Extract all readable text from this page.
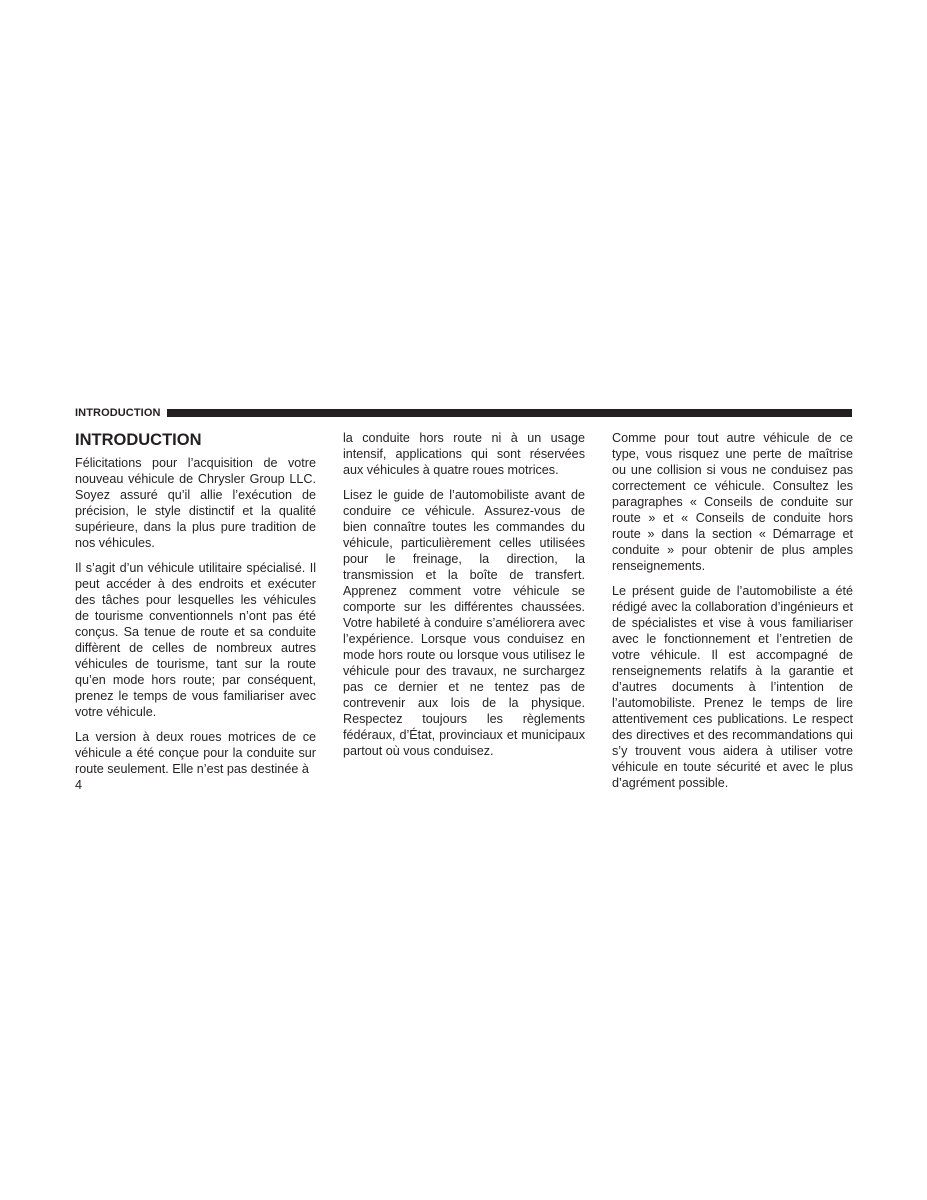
INTRODUCTION
INTRODUCTION

Félicitations pour l’acquisition de votre nouveau véhicule de Chrysler Group LLC. Soyez assuré qu’il allie l’exécution de précision, le style distinctif et la qualité supérieure, dans la plus pure tradition de nos véhicules.

Il s’agit d’un véhicule utilitaire spécialisé. Il peut accéder à des endroits et exécuter des tâches pour lesquelles les véhicules de tourisme conventionnels n’ont pas été conçus. Sa tenue de route et sa conduite diffèrent de celles de nombreux autres véhicules de tourisme, tant sur la route qu’en mode hors route; par conséquent, prenez le temps de vous familiariser avec votre véhicule.

La version à deux roues motrices de ce véhicule a été conçue pour la conduite sur route seulement. Elle n’est pas destinée à

la conduite hors route ni à un usage intensif, applications qui sont réservées aux véhicules à quatre roues motrices.

Lisez le guide de l’automobiliste avant de conduire ce véhicule. Assurez-vous de bien connaître toutes les commandes du véhicule, particulièrement celles utilisées pour le freinage, la direction, la transmission et la boîte de transfert. Apprenez comment votre véhicule se comporte sur les différentes chaussées. Votre habileté à conduire s’améliorera avec l’expérience. Lorsque vous conduisez en mode hors route ou lorsque vous utilisez le véhicule pour des travaux, ne surchargez pas ce dernier et ne tentez pas de contrevenir aux lois de la physique. Respectez toujours les règlements fédéraux, d’État, provinciaux et municipaux partout où vous conduisez.

Comme pour tout autre véhicule de ce type, vous risquez une perte de maîtrise ou une collision si vous ne conduisez pas correctement ce véhicule. Consultez les paragraphes « Conseils de conduite sur route » et « Conseils de conduite hors route » dans la section « Démarrage et conduite » pour obtenir de plus amples renseignements.

Le présent guide de l’automobiliste a été rédigé avec la collaboration d’ingénieurs et de spécialistes et vise à vous familiariser avec le fonctionnement et l’entretien de votre véhicule. Il est accompagné de renseignements relatifs à la garantie et d’autres documents à l’intention de l’automobiliste. Prenez le temps de lire attentivement ces publications. Le respect des directives et des recommandations qui s’y trouvent vous aidera à utiliser votre véhicule en toute sécurité et avec le plus d’agrément possible.

4
